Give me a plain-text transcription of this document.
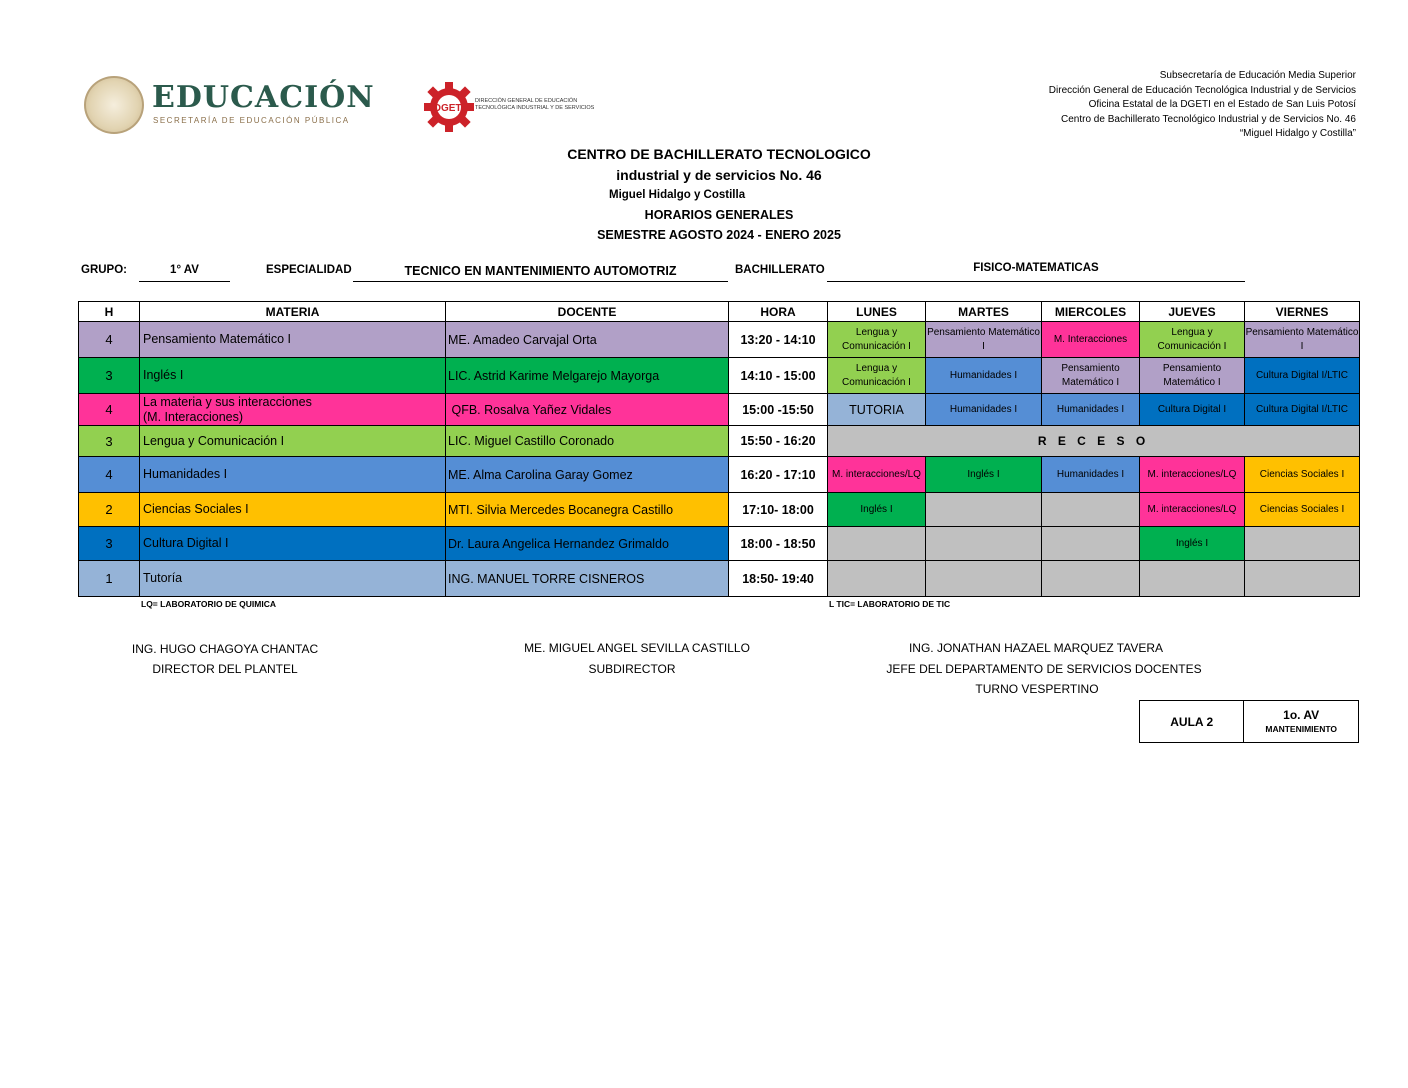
EDUCACIÓN
SECRETARÍA DE EDUCACIÓN PÚBLICA
DGETI
DIRECCIÓN GENERAL DE EDUCACIÓN TECNOLÓGICA INDUSTRIAL Y DE SERVICIOS
Subsecretaría de Educación Media Superior
Dirección General de Educación Tecnológica Industrial y de Servicios
Oficina Estatal de la DGETI en el Estado de San Luis Potosí
Centro de Bachillerato Tecnológico Industrial y de Servicios No. 46
“Miguel Hidalgo y Costilla”
CENTRO DE BACHILLERATO TECNOLOGICO
industrial y de servicios No. 46
Miguel Hidalgo y Costilla
HORARIOS GENERALES
SEMESTRE AGOSTO 2024 - ENERO 2025
GRUPO:	1° AV	ESPECIALIDAD	TECNICO EN MANTENIMIENTO AUTOMOTRIZ	BACHILLERATO	FISICO-MATEMATICAS
H	MATERIA	DOCENTE	HORA	LUNES	MARTES	MIERCOLES	JUEVES	VIERNES
4	Pensamiento Matemático I	ME. Amadeo Carvajal Orta	13:20 - 14:10	Lengua y Comunicación I	Pensamiento Matemático I	M. Interacciones	Lengua y Comunicación I	Pensamiento Matemático I
3	Inglés I	LIC. Astrid Karime Melgarejo Mayorga	14:10 - 15:00	Lengua y Comunicación I	Humanidades I	Pensamiento Matemático I	Pensamiento Matemático I	Cultura Digital I/LTIC
4	La materia y sus interacciones
(M. Interacciones)	QFB. Rosalva Yañez Vidales	15:00 -15:50	TUTORIA	Humanidades I	Humanidades I	Cultura Digital I	Cultura Digital I/LTIC
3	Lengua y Comunicación I	LIC. Miguel Castillo Coronado	15:50 - 16:20	R E C E S O				
4	Humanidades I	ME. Alma Carolina Garay Gomez	16:20 - 17:10	M. interacciones/LQ	Inglés I	Humanidades I	M. interacciones/LQ	Ciencias Sociales I
2	Ciencias Sociales I	MTI. Silvia Mercedes Bocanegra Castillo	17:10- 18:00	Inglés I			M. interacciones/LQ	Ciencias Sociales I
3	Cultura Digital I	Dr. Laura Angelica Hernandez Grimaldo	18:00 - 18:50				Inglés I	
1	Tutoría	ING. MANUEL TORRE CISNEROS	18:50- 19:40					
LQ= LABORATORIO DE QUIMICA	L TIC= LABORATORIO DE TIC
ING. HUGO CHAGOYA CHANTAC
DIRECTOR DEL PLANTEL
ME. MIGUEL ANGEL SEVILLA CASTILLO
SUBDIRECTOR
ING. JONATHAN HAZAEL MARQUEZ TAVERA
JEFE DEL DEPARTAMENTO DE SERVICIOS DOCENTES
TURNO VESPERTINO
AULA 2	1o. AV
MANTENIMIENTO
